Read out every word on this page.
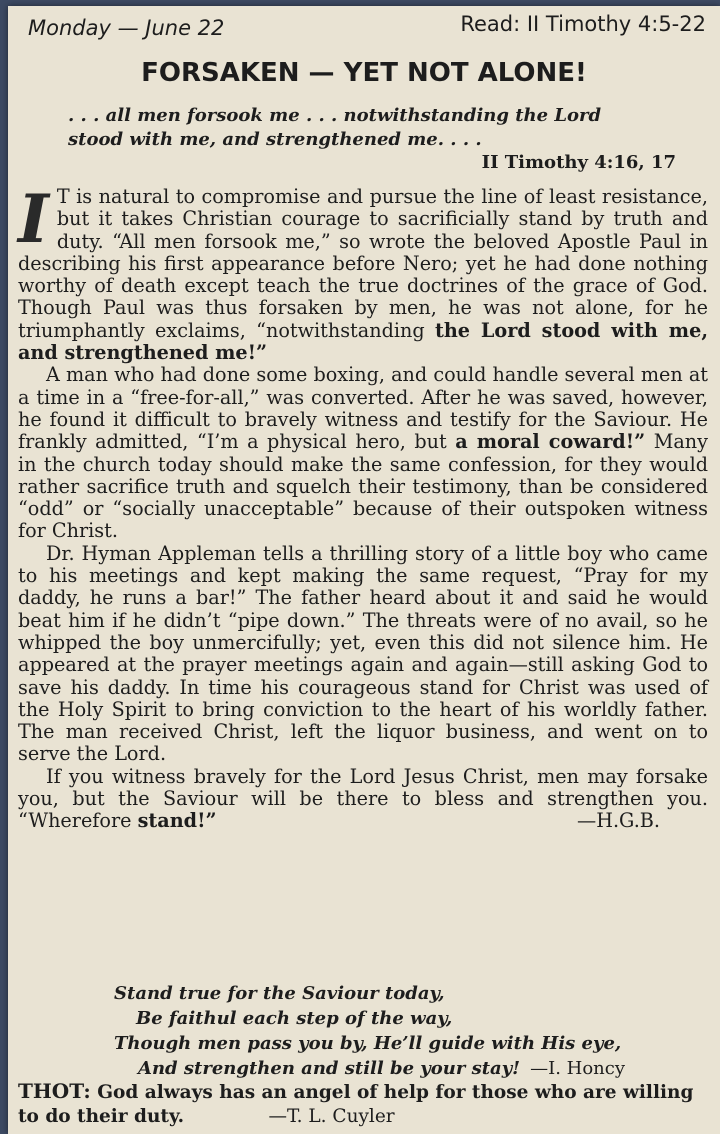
Monday — June 22	Read: II Timothy 4:5-22
FORSAKEN — YET NOT ALONE!
. . . all men forsook me . . . notwithstanding the Lord stood with me, and strengthened me. . . .
II Timothy 4:16, 17

I T is natural to compromise and pursue the line of least resistance, but it takes Christian courage to sacrificially stand by truth and duty. “All men forsook me,” so wrote the beloved Apostle Paul in describing his first appearance before Nero; yet he had done nothing worthy of death except teach the true doctrines of the grace of God. Though Paul was thus forsaken by men, he was not alone, for he triumphantly exclaims, “notwithstanding the Lord stood with me, and strengthened me!”

A man who had done some boxing, and could handle several men at a time in a “free-for-all,” was converted. After he was saved, however, he found it difficult to bravely witness and testify for the Saviour. He frankly admitted, “I’m a physical hero, but a moral coward!” Many in the church today should make the same confession, for they would rather sacrifice truth and squelch their testimony, than be considered “odd” or “socially unacceptable” because of their outspoken witness for Christ.

Dr. Hyman Appleman tells a thrilling story of a little boy who came to his meetings and kept making the same request, “Pray for my daddy, he runs a bar!” The father heard about it and said he would beat him if he didn’t “pipe down.” The threats were of no avail, so he whipped the boy unmercifully; yet, even this did not silence him. He appeared at the prayer meetings again and again—still asking God to save his daddy. In time his courageous stand for Christ was used of the Holy Spirit to bring conviction to the heart of his worldly father. The man received Christ, left the liquor business, and went on to serve the Lord.

If you witness bravely for the Lord Jesus Christ, men may forsake you, but the Saviour will be there to bless and strengthen you. “Wherefore stand!”	—H.G.B.

Stand true for the Saviour today,
Be faithul each step of the way,
Though men pass you by, He’ll guide with His eye,
And strengthen and still be your stay! —I. Honcy
THOT: God always has an angel of help for those who are willing to do their duty.	—T. L. Cuyler
